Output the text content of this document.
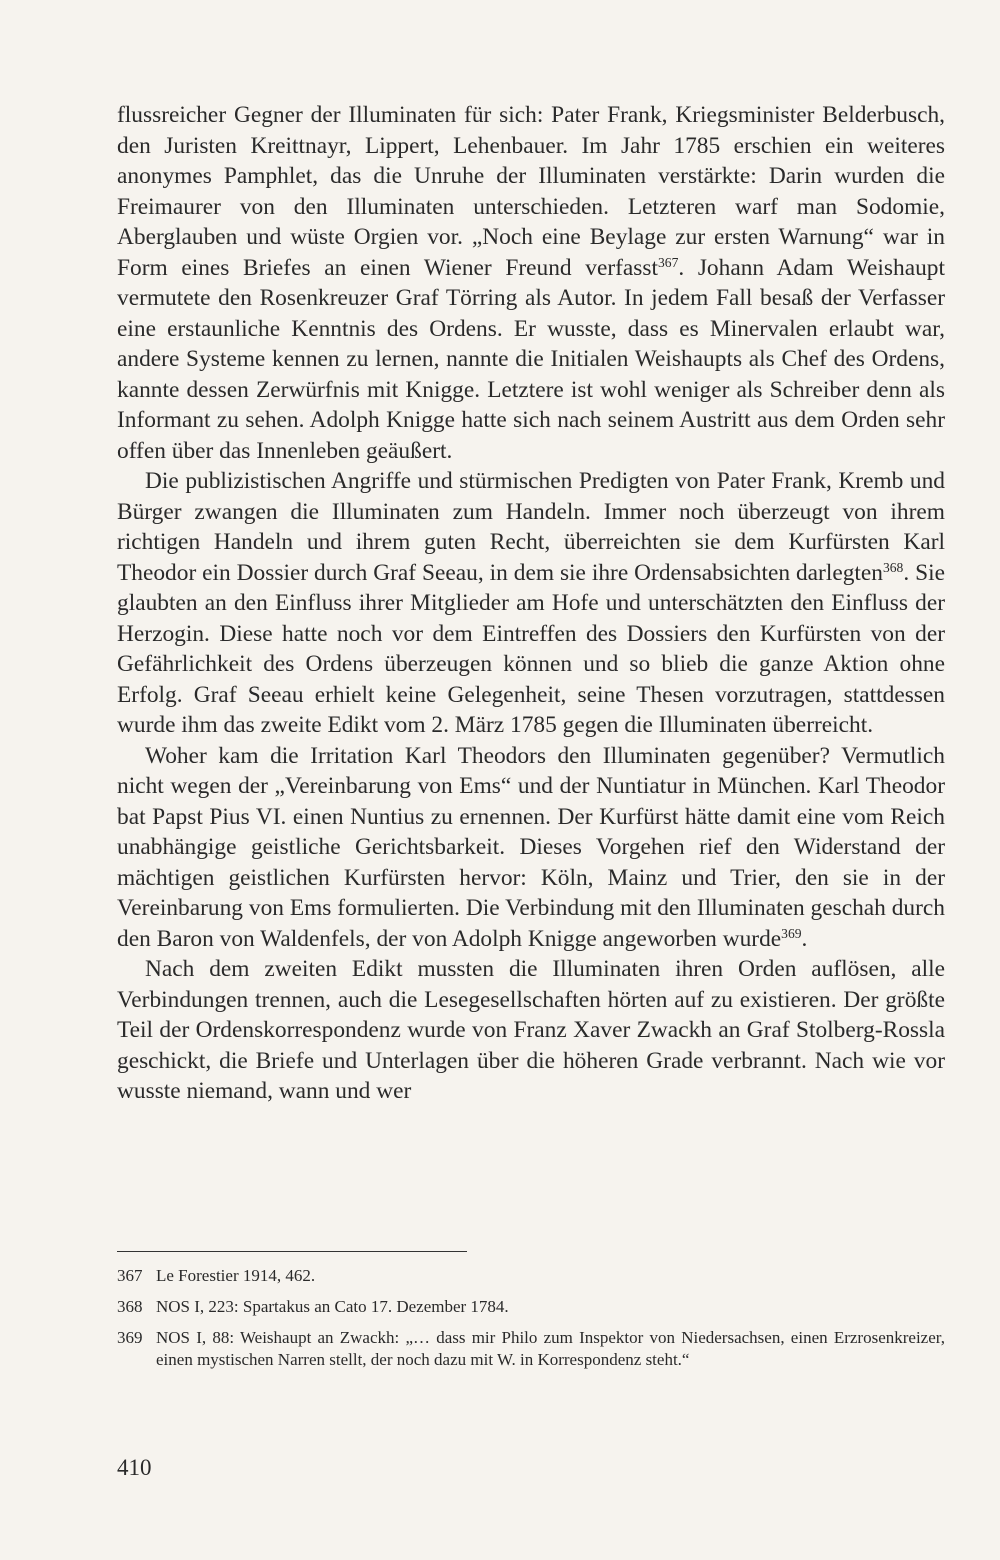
flussreicher Gegner der Illuminaten für sich: Pater Frank, Kriegsminister Belderbusch, den Juristen Kreittnayr, Lippert, Lehenbauer. Im Jahr 1785 erschien ein weiteres anonymes Pamphlet, das die Unruhe der Illuminaten verstärkte: Darin wurden die Freimaurer von den Illuminaten unterschieden. Letzteren warf man Sodomie, Aberglauben und wüste Orgien vor. „Noch eine Beylage zur ersten Warnung“ war in Form eines Briefes an einen Wiener Freund verfasst$^{367}$. Johann Adam Weishaupt vermutete den Rosenkreuzer Graf Törring als Autor. In jedem Fall besaß der Verfasser eine erstaunliche Kenntnis des Ordens. Er wusste, dass es Minervalen erlaubt war, andere Systeme kennen zu lernen, nannte die Initialen Weishaupts als Chef des Ordens, kannte dessen Zerwürfnis mit Knigge. Letztere ist wohl weniger als Schreiber denn als Informant zu sehen. Adolph Knigge hatte sich nach seinem Austritt aus dem Orden sehr offen über das Innenleben geäußert.

Die publizistischen Angriffe und stürmischen Predigten von Pater Frank, Kremb und Bürger zwangen die Illuminaten zum Handeln. Immer noch überzeugt von ihrem richtigen Handeln und ihrem guten Recht, überreichten sie dem Kurfürsten Karl Theodor ein Dossier durch Graf Seeau, in dem sie ihre Ordensabsichten darlegten$^{368}$. Sie glaubten an den Einfluss ihrer Mitglieder am Hofe und unterschätzten den Einfluss der Herzogin. Diese hatte noch vor dem Eintreffen des Dossiers den Kurfürsten von der Gefährlichkeit des Ordens überzeugen können und so blieb die ganze Aktion ohne Erfolg. Graf Seeau erhielt keine Gelegenheit, seine Thesen vorzutragen, stattdessen wurde ihm das zweite Edikt vom 2. März 1785 gegen die Illuminaten überreicht.

Woher kam die Irritation Karl Theodors den Illuminaten gegenüber? Vermutlich nicht wegen der „Vereinbarung von Ems“ und der Nuntiatur in München. Karl Theodor bat Papst Pius VI. einen Nuntius zu ernennen. Der Kurfürst hätte damit eine vom Reich unabhängige geistliche Gerichtsbarkeit. Dieses Vorgehen rief den Widerstand der mächtigen geistlichen Kurfürsten hervor: Köln, Mainz und Trier, den sie in der Vereinbarung von Ems formulierten. Die Verbindung mit den Illuminaten geschah durch den Baron von Waldenfels, der von Adolph Knigge angeworben wurde$^{369}$.

Nach dem zweiten Edikt mussten die Illuminaten ihren Orden auflösen, alle Verbindungen trennen, auch die Lesegesellschaften hörten auf zu existieren. Der größte Teil der Ordenskorrespondenz wurde von Franz Xaver Zwackh an Graf Stolberg-Rossla geschickt, die Briefe und Unterlagen über die höheren Grade verbrannt. Nach wie vor wusste niemand, wann und wer

367 Le Forestier 1914, 462.
368 NOS I, 223: Spartakus an Cato 17. Dezember 1784.
369 NOS I, 88: Weishaupt an Zwackh: „… dass mir Philo zum Inspektor von Niedersachsen, einen Erzrosenkreizer, einen mystischen Narren stellt, der noch dazu mit W. in Korrespondenz steht.“
410
